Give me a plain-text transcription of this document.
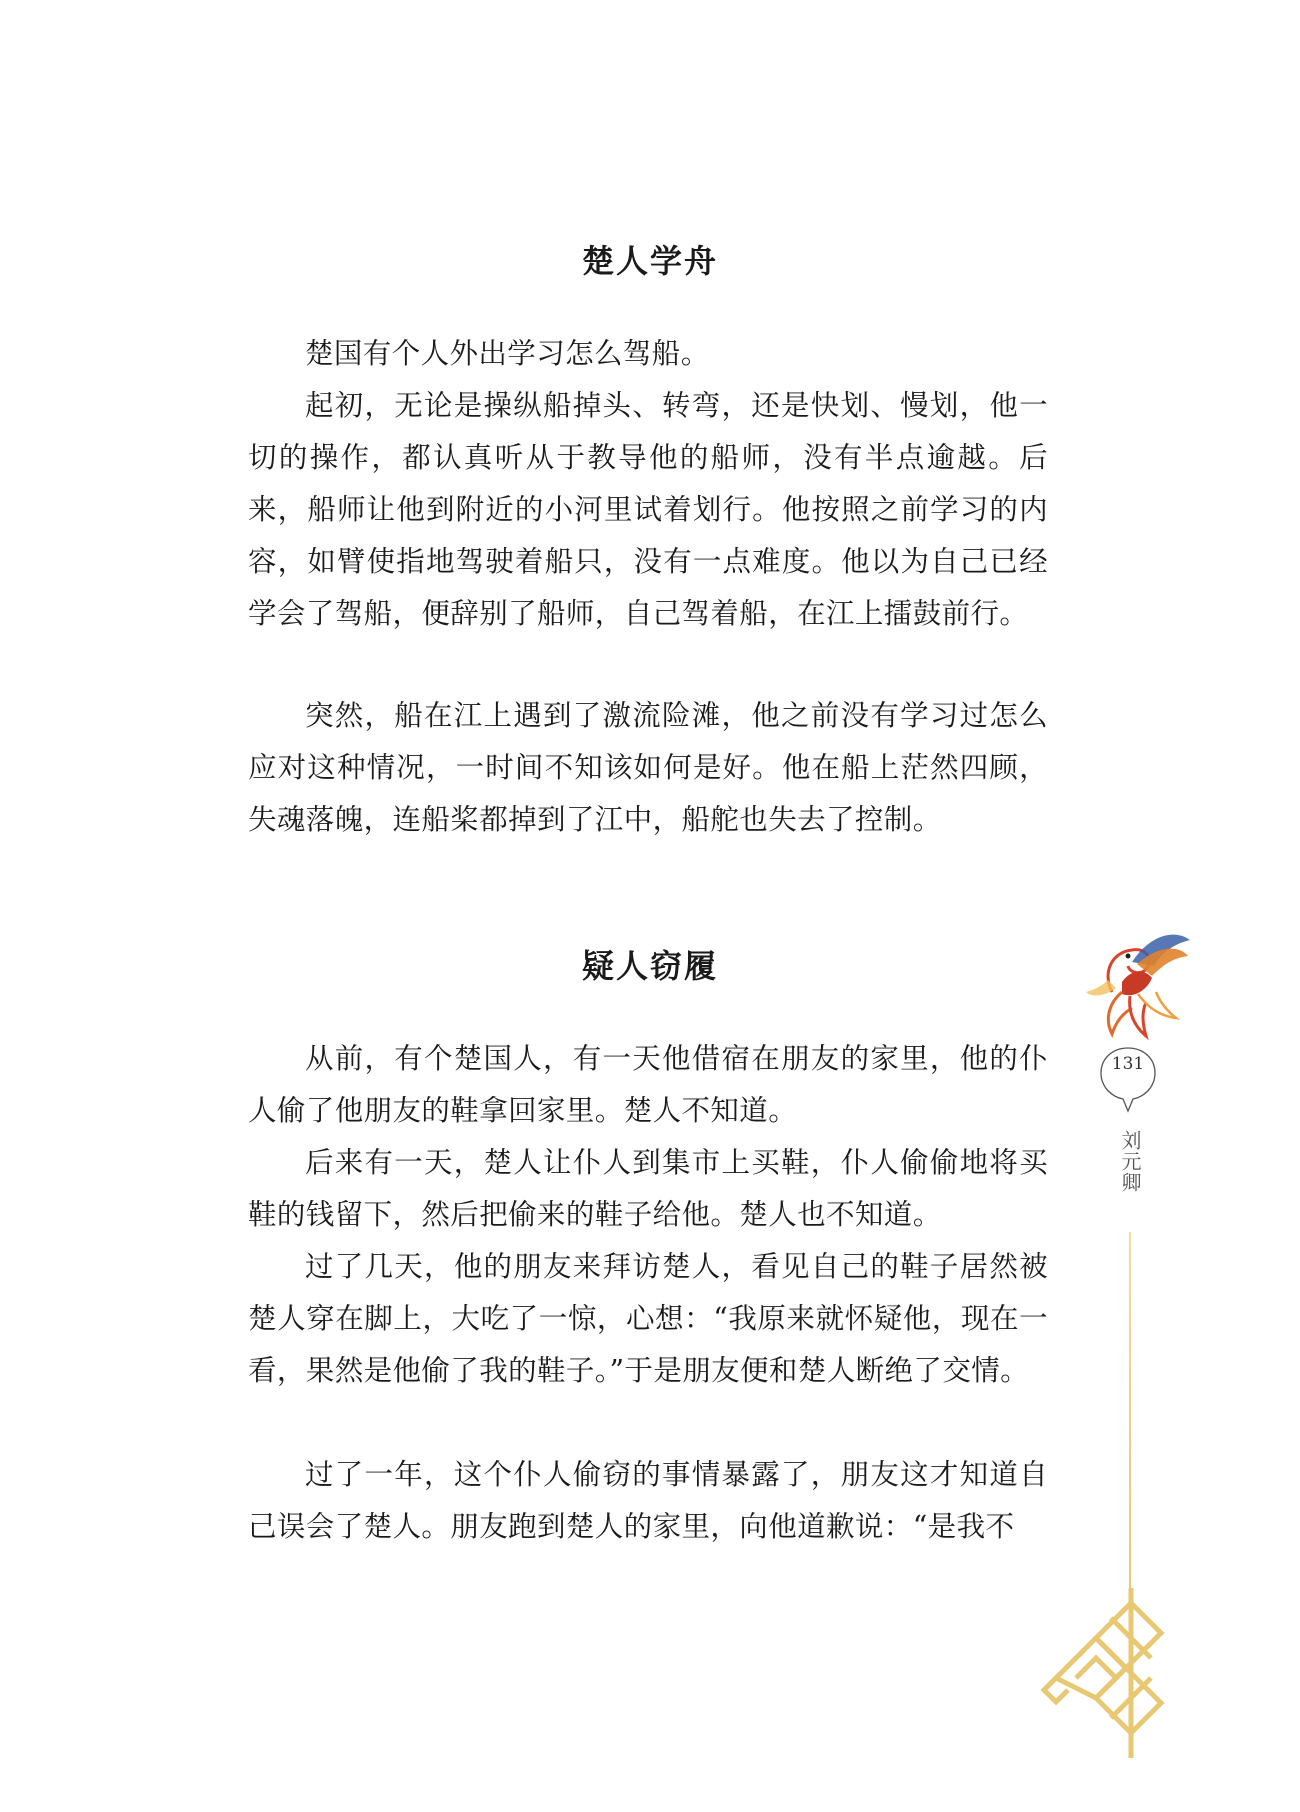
楚人学舟

楚国有个人外出学习怎么驾船。

起初，无论是操纵船掉头、转弯，还是快划、慢划，他一切的操作，都认真听从于教导他的船师，没有半点逾越。后来，船师让他到附近的小河里试着划行。他按照之前学习的内容，如臂使指地驾驶着船只，没有一点难度。他以为自己已经学会了驾船，便辞别了船师，自己驾着船，在江上擂鼓前行。

突然，船在江上遇到了激流险滩，他之前没有学习过怎么应对这种情况，一时间不知该如何是好。他在船上茫然四顾，失魂落魄，连船桨都掉到了江中，船舵也失去了控制。

疑人窃履

从前，有个楚国人，有一天他借宿在朋友的家里，他的仆人偷了他朋友的鞋拿回家里。楚人不知道。

后来有一天，楚人让仆人到集市上买鞋，仆人偷偷地将买鞋的钱留下，然后把偷来的鞋子给他。楚人也不知道。

过了几天，他的朋友来拜访楚人，看见自己的鞋子居然被楚人穿在脚上，大吃了一惊，心想：“我原来就怀疑他，现在一看，果然是他偷了我的鞋子。”于是朋友便和楚人断绝了交情。

过了一年，这个仆人偷窃的事情暴露了，朋友这才知道自己误会了楚人。朋友跑到楚人的家里，向他道歉说：“是我不

131
刘元卿
